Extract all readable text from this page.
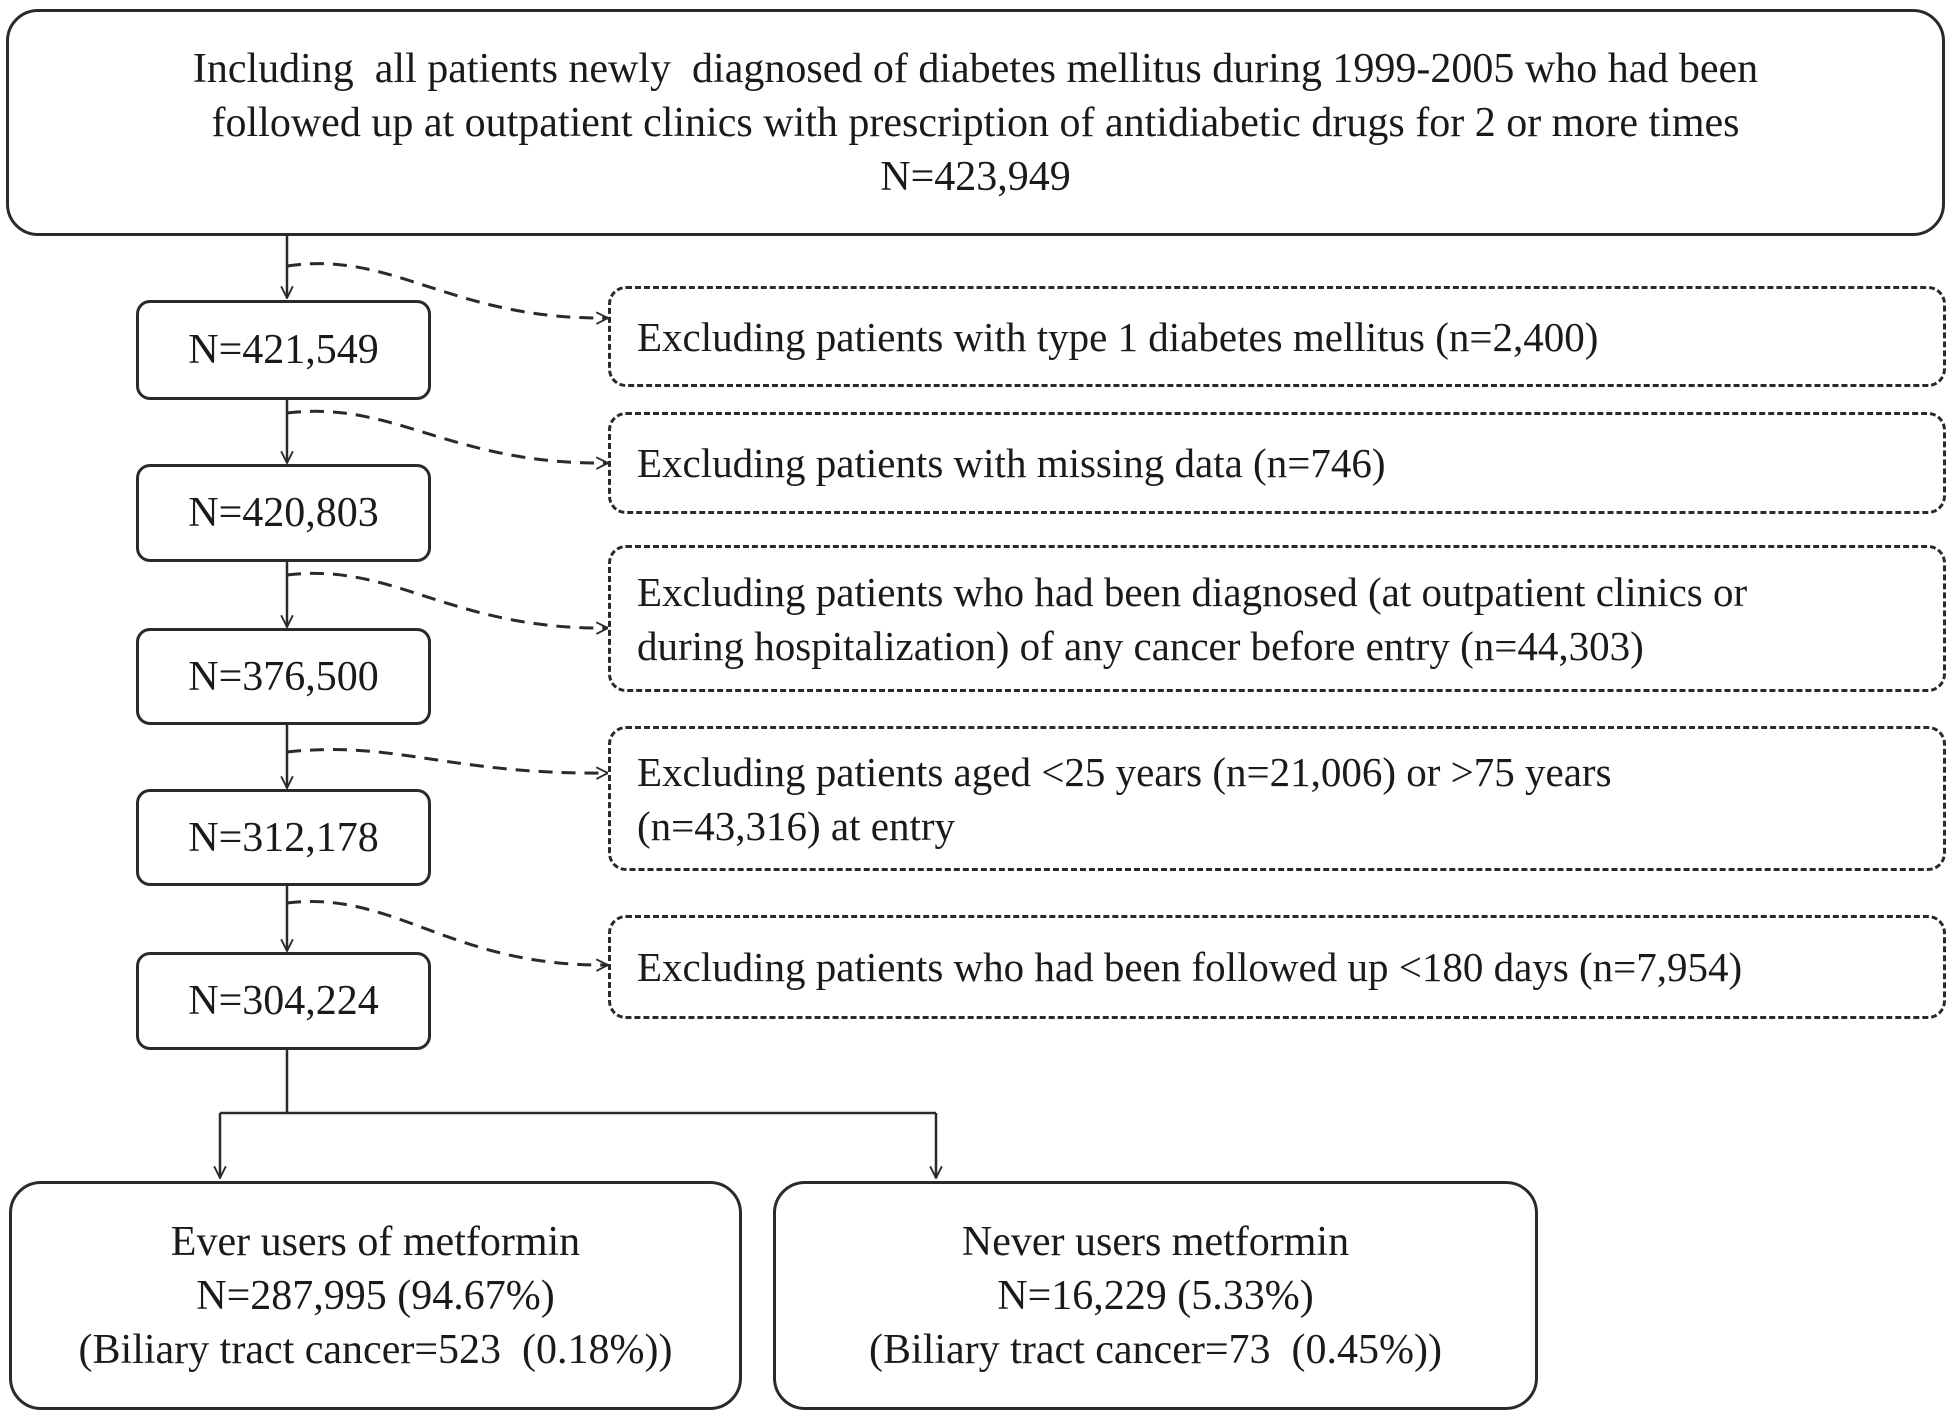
Including  all patients newly  diagnosed of diabetes mellitus during 1999-2005 who had been
followed up at outpatient clinics with prescription of antidiabetic drugs for 2 or more times
N=423,949
N=421,549
N=420,803
N=376,500
N=312,178
N=304,224
Excluding patients with type 1 diabetes mellitus (n=2,400)
Excluding patients with missing data (n=746)
Excluding patients who had been diagnosed (at outpatient clinics or
during hospitalization) of any cancer before entry (n=44,303)
Excluding patients aged <25 years (n=21,006) or >75 years
(n=43,316) at entry
Excluding patients who had been followed up <180 days (n=7,954)
Ever users of metformin
N=287,995 (94.67%)
(Biliary tract cancer=523  (0.18%))
Never users metformin
N=16,229 (5.33%)
(Biliary tract cancer=73  (0.45%))
